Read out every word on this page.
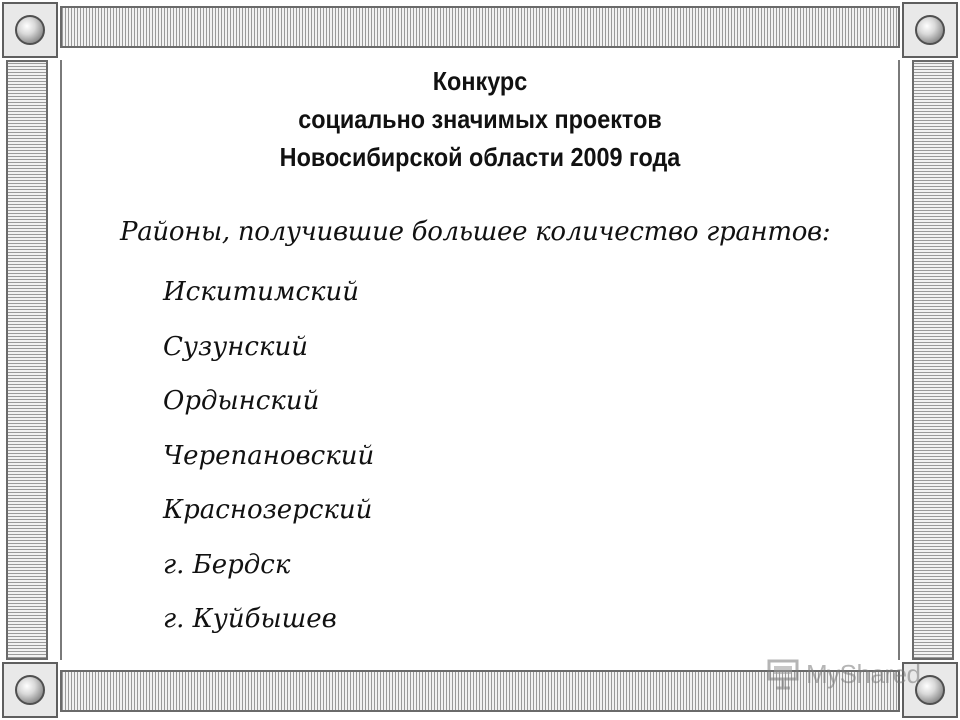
Конкурс
социально значимых проектов
Новосибирской области 2009 года
Районы, получившие большее количество грантов:
Искитимский
Сузунский
Ордынский
Черепановский
Краснозерский
г. Бердск
г. Куйбышев
MyShared
